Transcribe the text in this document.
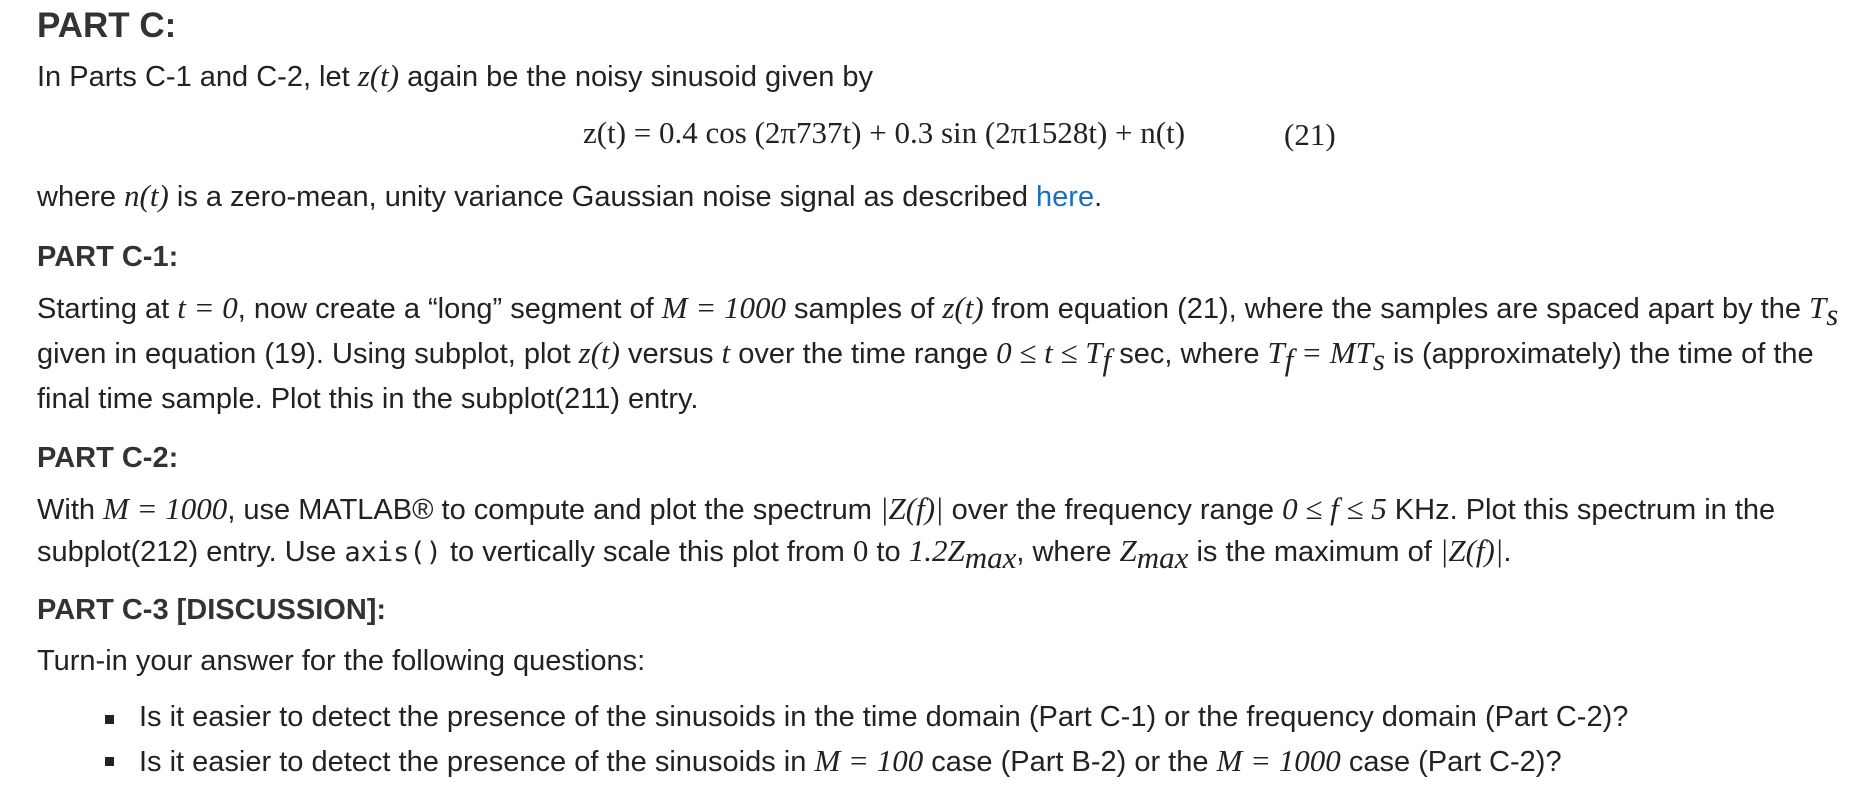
PART C:

In Parts C-1 and C-2, let z(t) again be the noisy sinusoid given by

z(t) = 0.4 cos (2π737t) + 0.3 sin (2π1528t) + n(t)	(21)

where n(t) is a zero-mean, unity variance Gaussian noise signal as described here.

PART C-1:

Starting at t = 0, now create a “long” segment of M = 1000 samples of z(t) from equation (21), where the samples are spaced apart by the $T_s$

given in equation (19). Using subplot, plot z(t) versus t over the time range $0 \le t \le T_f$ sec, where $T_f = MT_s$ is (approximately) the time of the

final time sample. Plot this in the subplot(211) entry.

PART C-2:

With M = 1000, use MATLAB® to compute and plot the spectrum |Z(f)| over the frequency range 0 ≤ f ≤ 5 KHz. Plot this spectrum in the

subplot(212) entry. Use axis() to vertically scale this plot from 0 to $1.2Z_{max}$, where $Z_{max}$ is the maximum of |Z(f)|.

PART C-3 [DISCUSSION]:

Turn-in your answer for the following questions:

Is it easier to detect the presence of the sinusoids in the time domain (Part C-1) or the frequency domain (Part C-2)?
Is it easier to detect the presence of the sinusoids in M = 100 case (Part B-2) or the M = 1000 case (Part C-2)?
